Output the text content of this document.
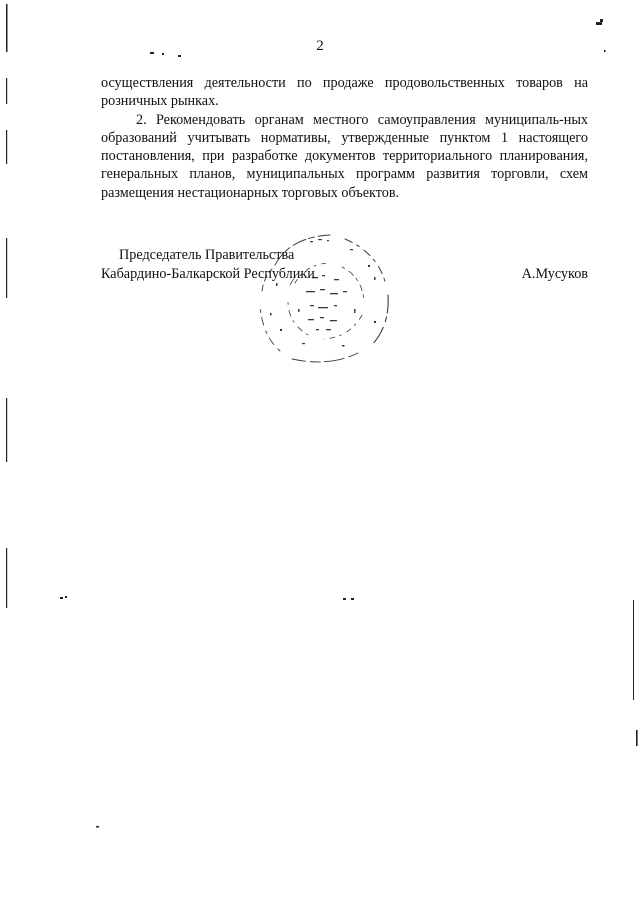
2

осуществления деятельности по продаже продовольственных товаров на розничных рынках.

2. Рекомендовать органам местного самоуправления муниципаль-ных образований учитывать нормативы, утвержденные пунктом 1 настоящего постановления, при разработке документов территориального планирования, генеральных планов, муниципальных программ развития торговли, схем размещения нестационарных торговых объектов.

Председатель Правительства
Кабардино-Балкарской Республики	А.Мусуков
